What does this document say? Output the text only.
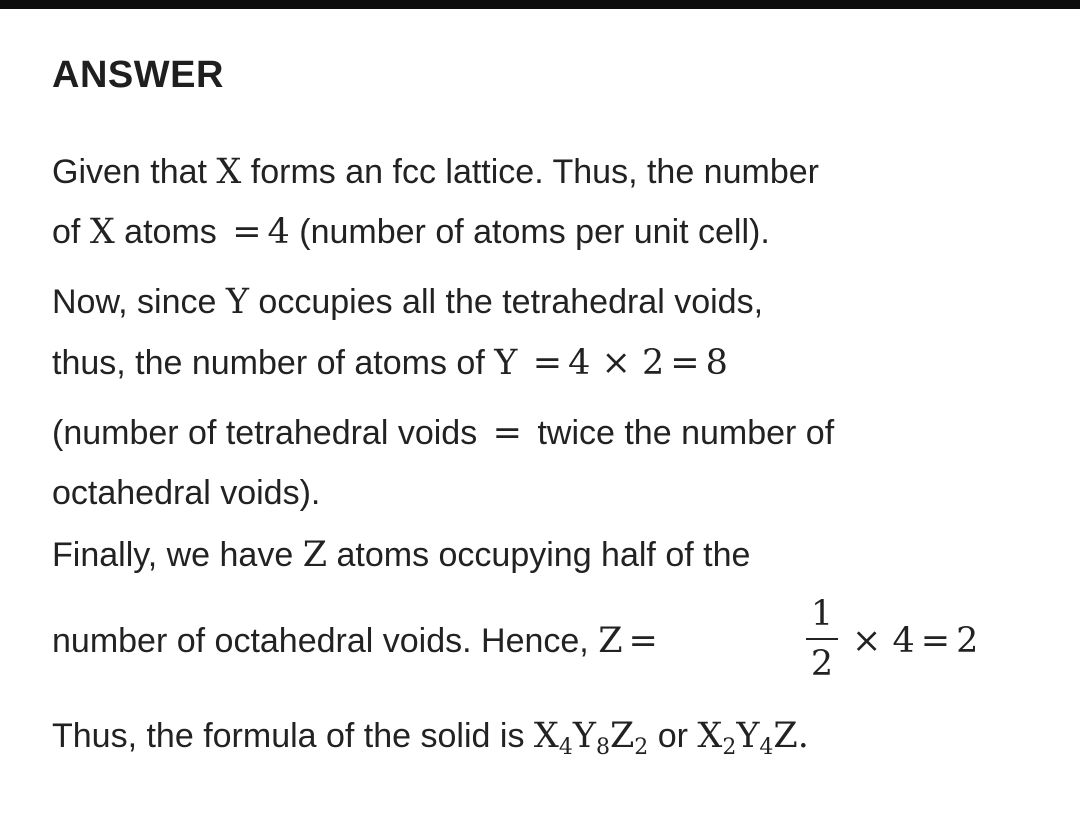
ANSWER
Given that X forms an fcc lattice. Thus, the number
of X atoms = 4 (number of atoms per unit cell).
Now, since Y occupies all the tetrahedral voids,
thus, the number of atoms of Y = 4 × 2 = 8
(number of tetrahedral voids = twice the number of
octahedral voids).
Finally, we have Z atoms occupying half of the
number of octahedral voids. Hence, Z =
1
2
× 4 = 2
Thus, the formula of the solid is $X_4Y_8Z_2$ or $X_2Y_4Z$.
